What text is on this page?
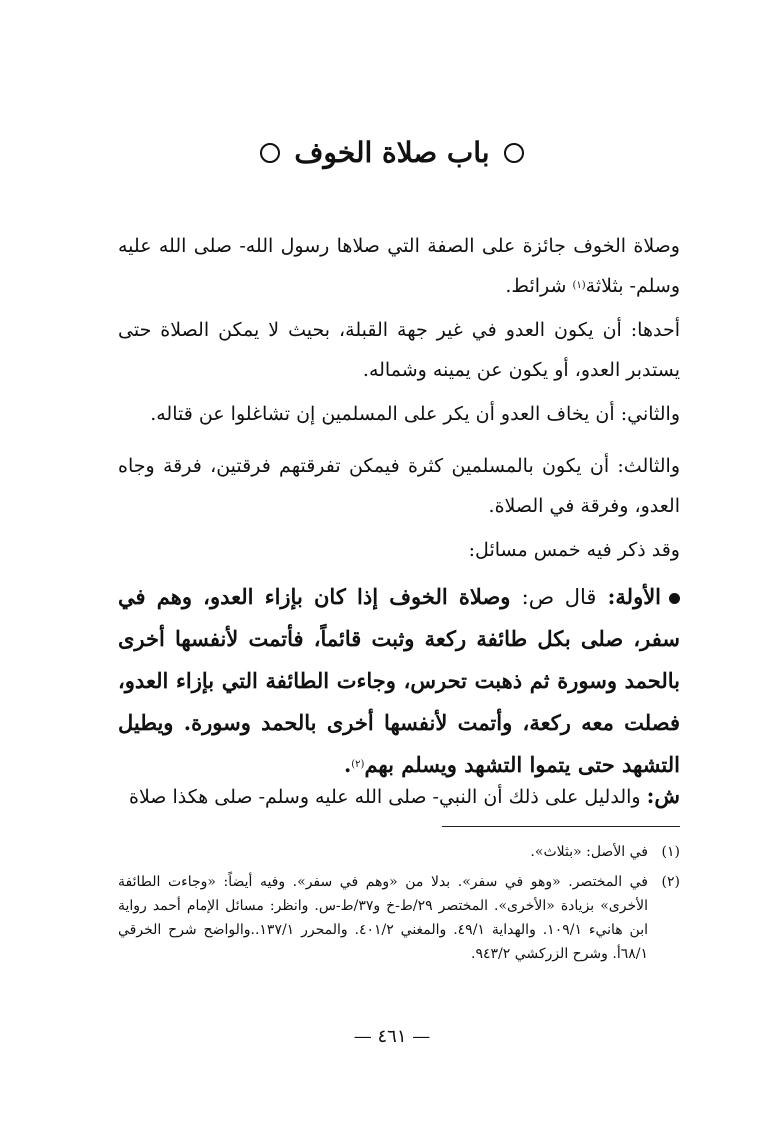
باب صلاة الخوف

وصلاة الخوف جائزة على الصفة التي صلاها رسول الله- صلى الله عليه وسلم- بثلاثة$^{(١)}$ شرائط.

أحدها: أن يكون العدو في غير جهة القبلة، بحيث لا يمكن الصلاة حتى يستدبر العدو، أو يكون عن يمينه وشماله.

والثاني: أن يخاف العدو أن يكر على المسلمين إن تشاغلوا عن قتاله.

والثالث: أن يكون بالمسلمين كثرة فيمكن تفرقتهم فرقتين، فرقة وجاه العدو، وفرقة في الصلاة.

وقد ذكر فيه خمس مسائل:

الأولة: قال ص: وصلاة الخوف إذا كان بإزاء العدو، وهم في سفر، صلى بكل طائفة ركعة وثبت قائماً، فأتمت لأنفسها أخرى بالحمد وسورة ثم ذهبت تحرس، وجاءت الطائفة التي بإزاء العدو، فصلت معه ركعة، وأتمت لأنفسها أخرى بالحمد وسورة. ويطيل التشهد حتى يتموا التشهد ويسلم بهم$^{(٢)}$.

ش: والدليل على ذلك أن النبي- صلى الله عليه وسلم- صلى هكذا صلاة

(١)
في الأصل: «بثلاث».
(٢)
في المختصر. «وهو في سفر». بدلا من «وهم في سفر». وفيه أيضاً: «وجاءت الطائفة الأخرى» بزيادة «الأخرى». المختصر ٢٩/ط-خ و٣٧/ط-س. وانظر: مسائل الإمام أحمد رواية ابن هانيء ١٠٩/١. والهداية ٤٩/١. والمغني ٤٠١/٢. والمحرر ١٣٧/١..والواضح شرح الخرقي ٦٨/١أ. وشرح الزركشي ٩٤٣/٢.
— ٤٦١ —
